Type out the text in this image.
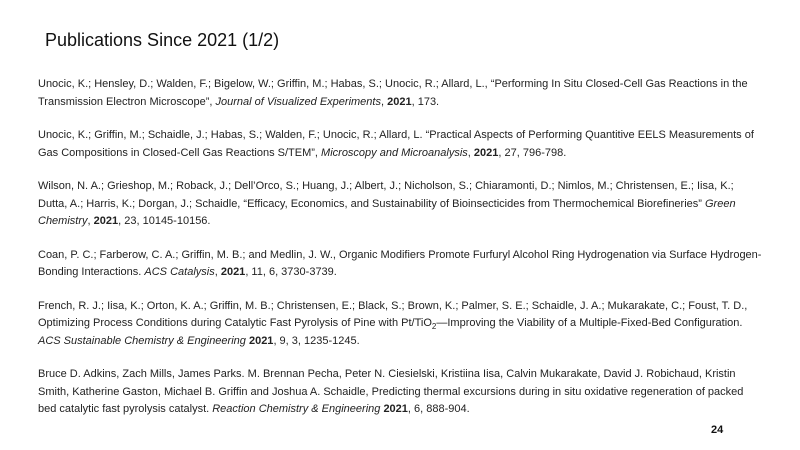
Publications Since 2021 (1/2)

Unocic, K.; Hensley, D.; Walden, F.; Bigelow, W.; Griffin, M.; Habas, S.; Unocic, R.; Allard, L., “Performing In Situ Closed-Cell Gas Reactions in the Transmission Electron Microscope”, Journal of Visualized Experiments, 2021, 173.

Unocic, K.; Griffin, M.; Schaidle, J.; Habas, S.; Walden, F.; Unocic, R.; Allard, L. “Practical Aspects of Performing Quantitive EELS Measurements of Gas Compositions in Closed-Cell Gas Reactions S/TEM”, Microscopy and Microanalysis, 2021, 27, 796-798.

Wilson, N. A.; Grieshop, M.; Roback, J.; Dell’Orco, S.; Huang, J.; Albert, J.; Nicholson, S.; Chiaramonti, D.; Nimlos, M.; Christensen, E.; Iisa, K.; Dutta, A.; Harris, K.; Dorgan, J.; Schaidle, “Efficacy, Economics, and Sustainability of Bioinsecticides from Thermochemical Biorefineries” Green Chemistry, 2021, 23, 10145-10156.

Coan, P. C.; Farberow, C. A.; Griffin, M. B.; and Medlin, J. W., Organic Modifiers Promote Furfuryl Alcohol Ring Hydrogenation via Surface Hydrogen-Bonding Interactions. ACS Catalysis, 2021, 11, 6, 3730-3739.

French, R. J.; Iisa, K.; Orton, K. A.; Griffin, M. B.; Christensen, E.; Black, S.; Brown, K.; Palmer, S. E.; Schaidle, J. A.; Mukarakate, C.; Foust, T. D., Optimizing Process Conditions during Catalytic Fast Pyrolysis of Pine with Pt/TiO$_2$—Improving the Viability of a Multiple-Fixed-Bed Configuration. ACS Sustainable Chemistry & Engineering 2021, 9, 3, 1235-1245.

Bruce D. Adkins, Zach Mills, James Parks. M. Brennan Pecha, Peter N. Ciesielski, Kristiina Iisa, Calvin Mukarakate, David J. Robichaud, Kristin Smith, Katherine Gaston, Michael B. Griffin and Joshua A. Schaidle, Predicting thermal excursions during in situ oxidative regeneration of packed bed catalytic fast pyrolysis catalyst. Reaction Chemistry & Engineering 2021, 6, 888-904.

24
